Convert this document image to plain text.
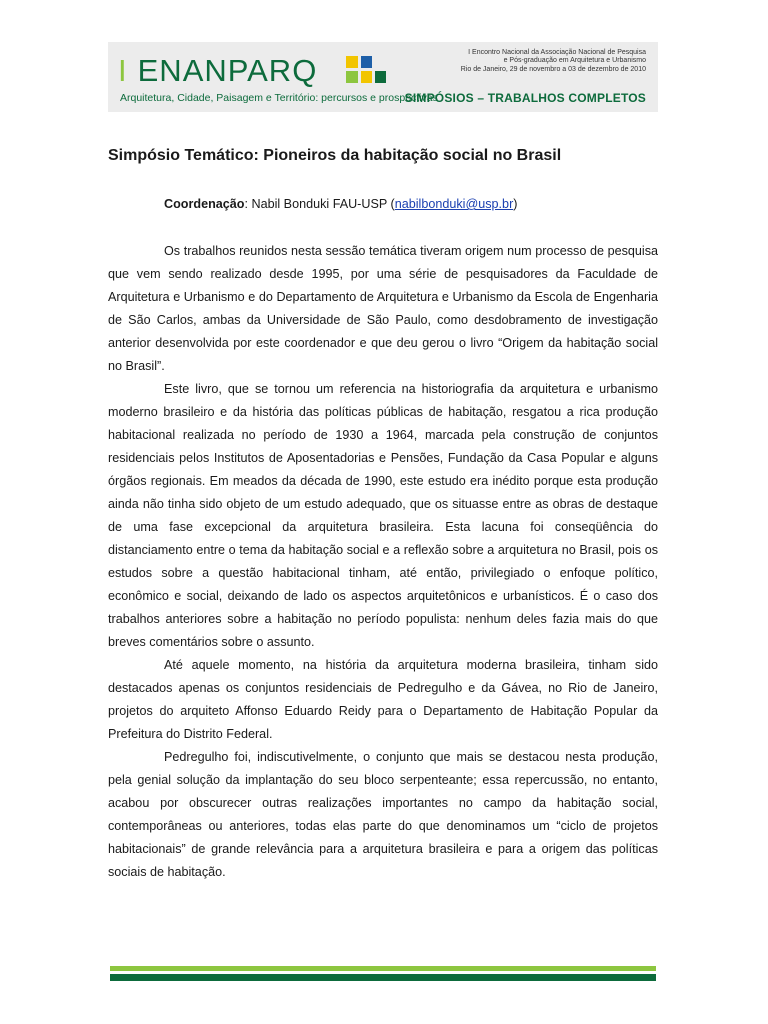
I ENANPARQ
Arquitetura, Cidade, Paisagem e Território: percursos e prospectivas
I Encontro Nacional da Associação Nacional de Pesquisa
e Pós-graduação em Arquitetura e Urbanismo
Rio de Janeiro, 29 de novembro a 03 de dezembro de 2010
SIMPÓSIOS – TRABALHOS COMPLETOS
Simpósio Temático: Pioneiros da habitação social no Brasil

Coordenação: Nabil Bonduki FAU-USP (nabilbonduki@usp.br)

Os trabalhos reunidos nesta sessão temática tiveram origem num processo de pesquisa que vem sendo realizado desde 1995, por uma série de pesquisadores da Faculdade de Arquitetura e Urbanismo e do Departamento de Arquitetura e Urbanismo da Escola de Engenharia de São Carlos, ambas da Universidade de São Paulo, como desdobramento de investigação anterior desenvolvida por este coordenador e que deu gerou o livro “Origem da habitação social no Brasil”.

Este livro, que se tornou um referencia na historiografia da arquitetura e urbanismo moderno brasileiro e da história das políticas públicas de habitação, resgatou a rica produção habitacional realizada no período de 1930 a 1964, marcada pela construção de conjuntos residenciais pelos Institutos de Aposentadorias e Pensões, Fundação da Casa Popular e alguns órgãos regionais. Em meados da década de 1990, este estudo era inédito porque esta produção ainda não tinha sido objeto de um estudo adequado, que os situasse entre as obras de destaque de uma fase excepcional da arquitetura brasileira. Esta lacuna foi conseqüência do distanciamento entre o tema da habitação social e a reflexão sobre a arquitetura no Brasil, pois os estudos sobre a questão habitacional tinham, até então, privilegiado o enfoque político, econômico e social, deixando de lado os aspectos arquitetônicos e urbanísticos. É o caso dos trabalhos anteriores sobre a habitação no período populista: nenhum deles fazia mais do que breves comentários sobre o assunto.

Até aquele momento, na história da arquitetura moderna brasileira, tinham sido destacados apenas os conjuntos residenciais de Pedregulho e da Gávea, no Rio de Janeiro, projetos do arquiteto Affonso Eduardo Reidy para o Departamento de Habitação Popular da Prefeitura do Distrito Federal.

Pedregulho foi, indiscutivelmente, o conjunto que mais se destacou nesta produção, pela genial solução da implantação do seu bloco serpenteante; essa repercussão, no entanto, acabou por obscurecer outras realizações importantes no campo da habitação social, contemporâneas ou anteriores, todas elas parte do que denominamos um “ciclo de projetos habitacionais” de grande relevância para a arquitetura brasileira e para a origem das políticas sociais de habitação.
